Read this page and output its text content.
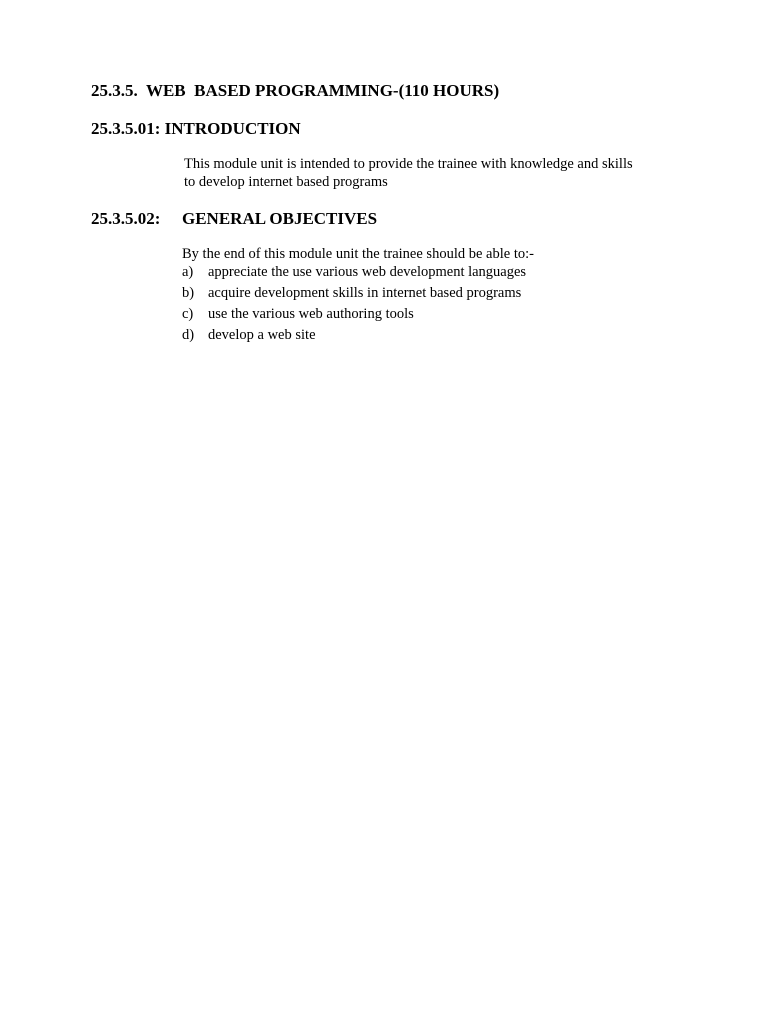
25.3.5.  WEB  BASED PROGRAMMING-(110 HOURS)
25.3.5.01: INTRODUCTION
This module unit is intended to provide the trainee with knowledge and skills
to develop internet based programs
25.3.5.02: GENERAL OBJECTIVES
By the end of this module unit the trainee should be able to:-
a) appreciate the use various web development languages
b) acquire development skills in internet based programs
c) use the various web authoring tools
d) develop a web site
